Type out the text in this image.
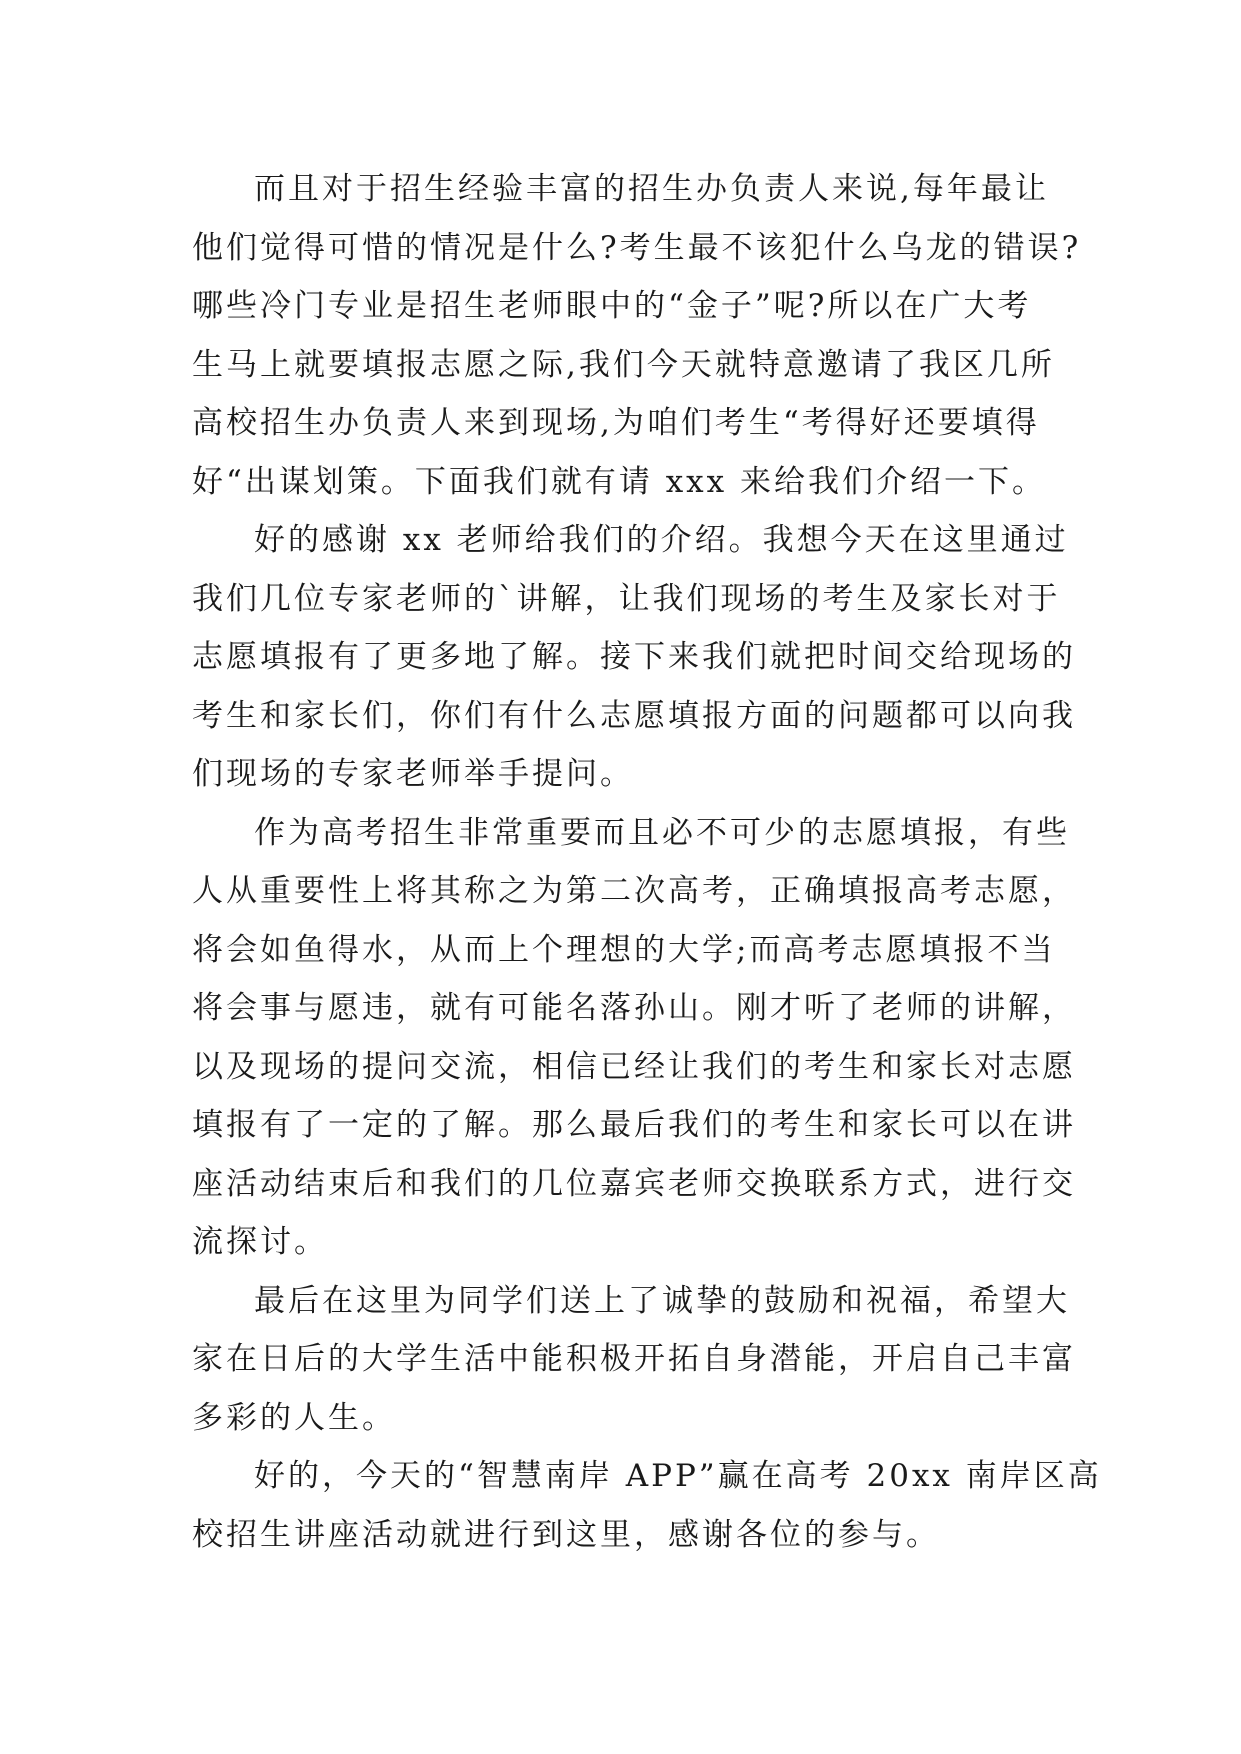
而且对于招生经验丰富的招生办负责人来说,每年最让
他们觉得可惜的情况是什么?考生最不该犯什么乌龙的错误?
哪些冷门专业是招生老师眼中的“金子”呢?所以在广大考
生马上就要填报志愿之际,我们今天就特意邀请了我区几所
高校招生办负责人来到现场,为咱们考生“考得好还要填得
好“出谋划策。下面我们就有请 xxx 来给我们介绍一下。
好的感谢 xx 老师给我们的介绍。我想今天在这里通过
我们几位专家老师的`讲解，让我们现场的考生及家长对于
志愿填报有了更多地了解。接下来我们就把时间交给现场的
考生和家长们，你们有什么志愿填报方面的问题都可以向我
们现场的专家老师举手提问。
作为高考招生非常重要而且必不可少的志愿填报，有些
人从重要性上将其称之为第二次高考，正确填报高考志愿，
将会如鱼得水，从而上个理想的大学;而高考志愿填报不当
将会事与愿违，就有可能名落孙山。刚才听了老师的讲解，
以及现场的提问交流，相信已经让我们的考生和家长对志愿
填报有了一定的了解。那么最后我们的考生和家长可以在讲
座活动结束后和我们的几位嘉宾老师交换联系方式，进行交
流探讨。
最后在这里为同学们送上了诚挚的鼓励和祝福，希望大
家在日后的大学生活中能积极开拓自身潜能，开启自己丰富
多彩的人生。
好的，今天的“智慧南岸 APP”赢在高考 20xx 南岸区高
校招生讲座活动就进行到这里，感谢各位的参与。
